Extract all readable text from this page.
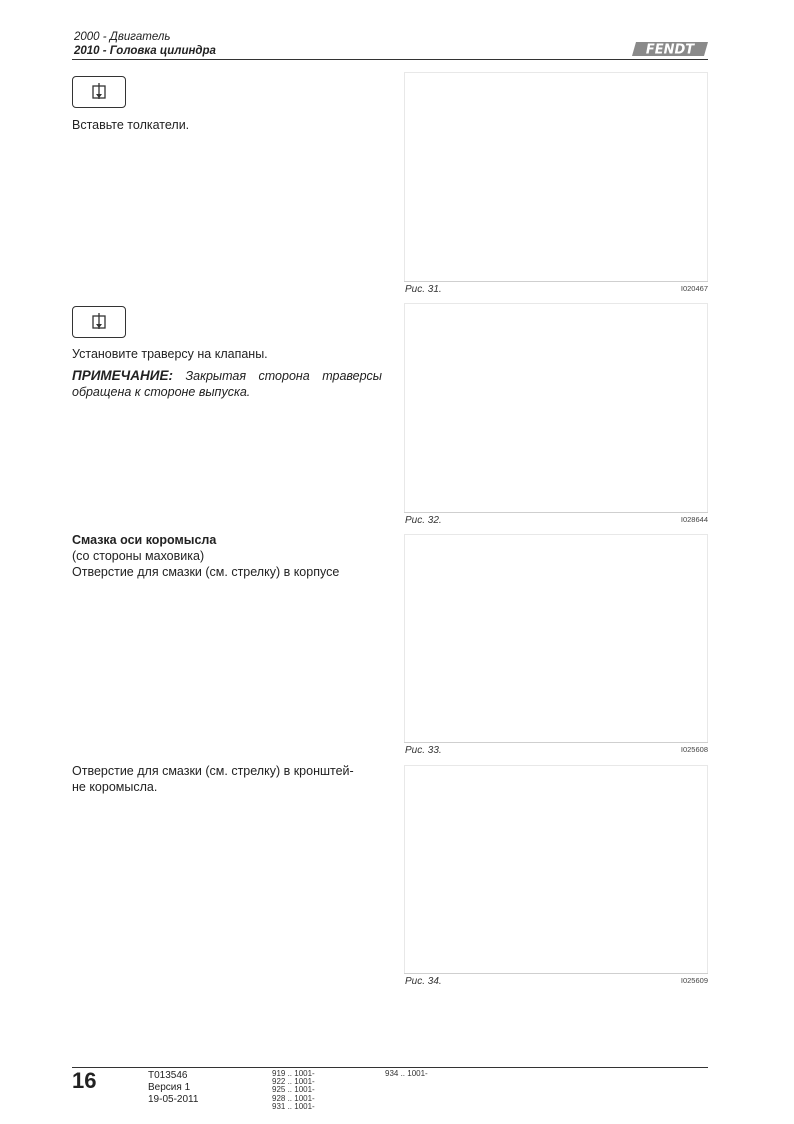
2000 - Двигатель
2010 - Головка цилиндра	FENDT
Вставьте толкатели.
Рис. 31.	I020467
Установите траверсу на клапаны.
ПРИМЕЧАНИЕ: Закрытая сторона траверсы обращена к стороне выпуска.
Рис. 32.	I028644
Смазка оси коромысла
(со стороны маховика)
Отверстие для смазки (см. стрелку) в корпусе
Рис. 33.	I025608
Отверстие для смазки (см. стрелку) в кронштей-
не коромысла.
Рис. 34.	I025609
16	T013546
Версия 1
19-05-2011
919 .. 1001-
922 .. 1001-
925 .. 1001-
928 .. 1001-
931 .. 1001-
934 .. 1001-
